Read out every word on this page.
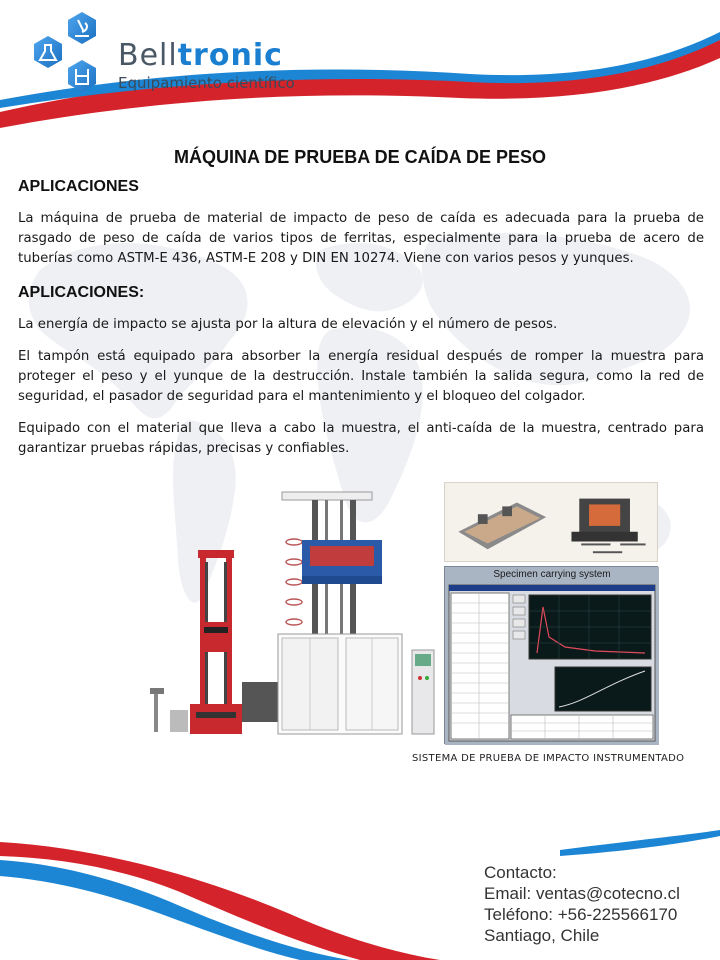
Belltronic
Equipamiento científico
MÁQUINA DE PRUEBA DE CAÍDA DE PESO
APLICACIONES
La máquina de prueba de material de impacto de peso de caída es adecuada para la prueba de rasgado de peso de caída de varios tipos de ferritas, especialmente para la prueba de acero de tuberías como ASTM-E 436, ASTM-E 208 y DIN EN 10274. Viene con varios pesos y yunques.
APLICACIONES:
La energía de impacto se ajusta por la altura de elevación y el número de pesos.
El tampón está equipado para absorber la energía residual después de romper la muestra para proteger el peso y el yunque de la destrucción. Instale también la salida segura, como la red de seguridad, el pasador de seguridad para el mantenimiento y el bloqueo del colgador.
Equipado con el material que lleva a cabo la muestra, el anti-caída de la muestra, centrado para garantizar pruebas rápidas, precisas y confiables.
Specimen carrying system
SISTEMA DE PRUEBA DE IMPACTO INSTRUMENTADO
Contacto:
Email: ventas@cotecno.cl
Teléfono: +56-225566170
Santiago, Chile
